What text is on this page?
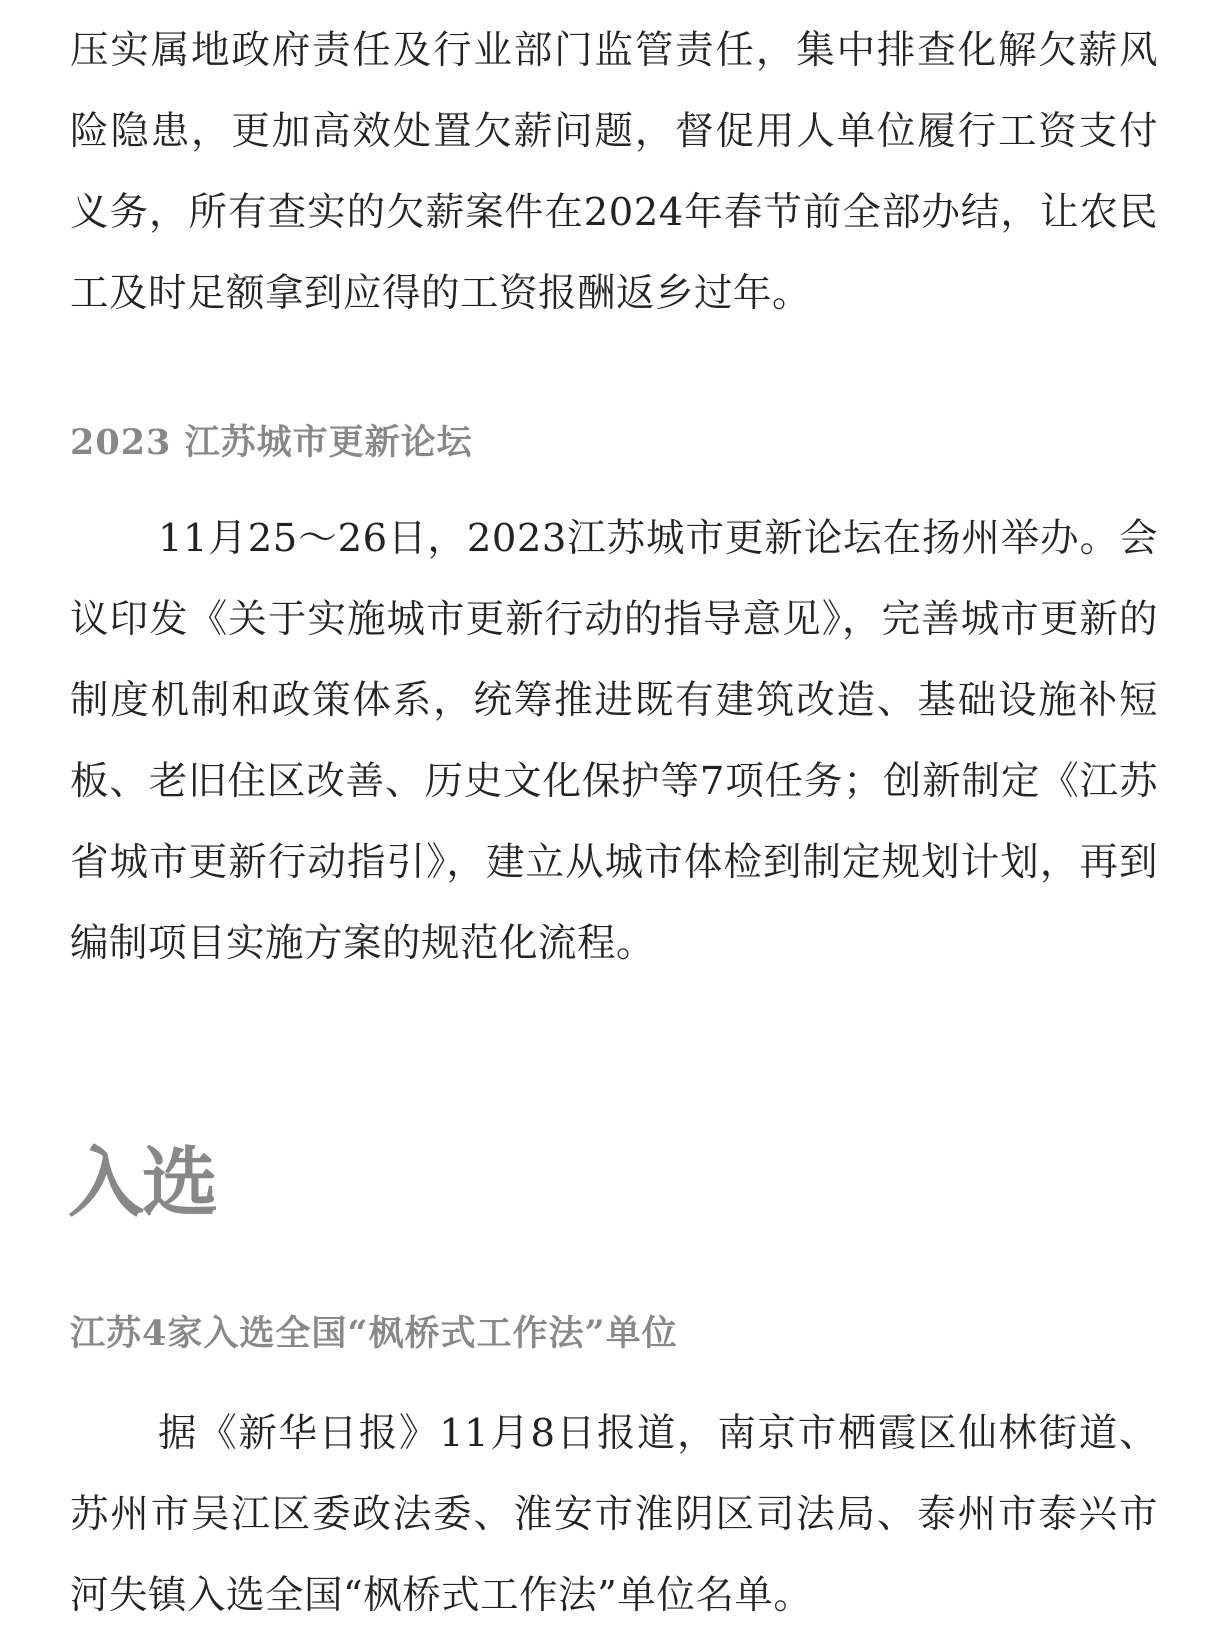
压实属地政府责任及行业部门监管责任，集中排查化解欠薪风险隐患，更加高效处置欠薪问题，督促用人单位履行工资支付义务，所有查实的欠薪案件在2024年春节前全部办结，让农民工及时足额拿到应得的工资报酬返乡过年。

2023 江苏城市更新论坛

11月25～26日，2023江苏城市更新论坛在扬州举办。会议印发《关于实施城市更新行动的指导意见》，完善城市更新的制度机制和政策体系，统筹推进既有建筑改造、基础设施补短板、老旧住区改善、历史文化保护等7项任务；创新制定《江苏省城市更新行动指引》，建立从城市体检到制定规划计划，再到编制项目实施方案的规范化流程。

入选
江苏4家入选全国“枫桥式工作法”单位

据《新华日报》11月8日报道，南京市栖霞区仙林街道、苏州市吴江区委政法委、淮安市淮阴区司法局、泰州市泰兴市河失镇入选全国“枫桥式工作法”单位名单。
